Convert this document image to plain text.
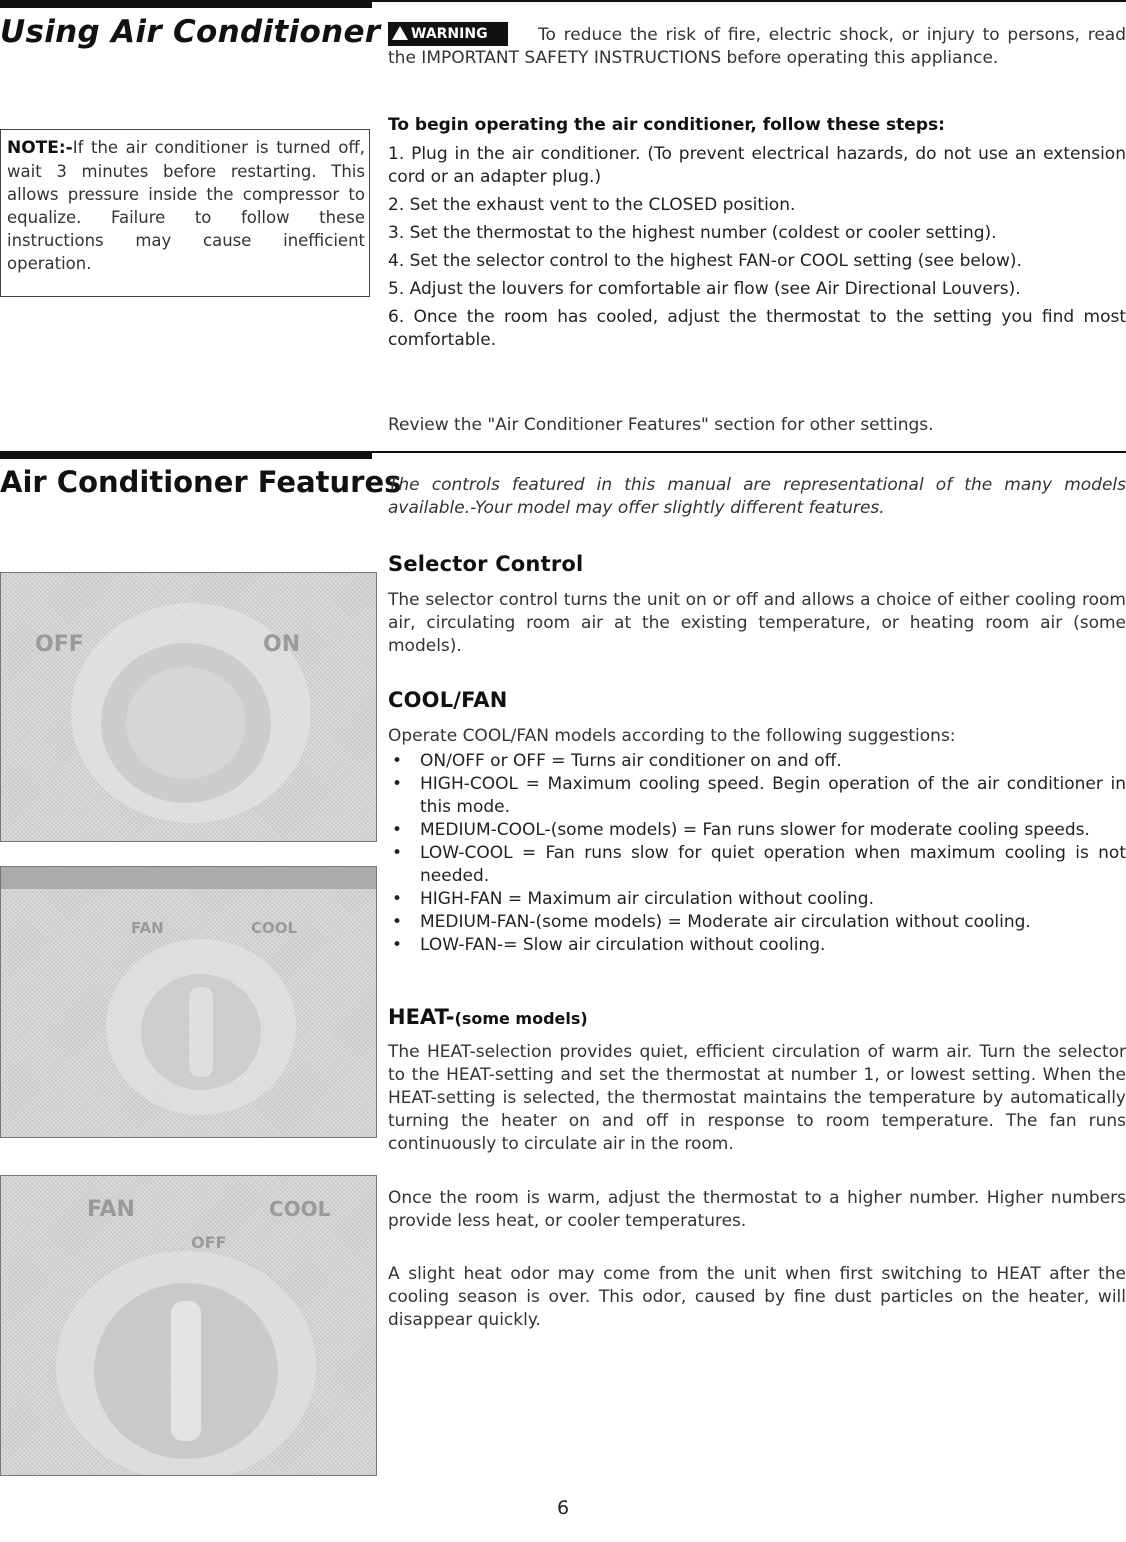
Using Air Conditioner	WARNING	To reduce the risk of fire, electric shock, or injury to persons, read the IMPORTANT SAFETY INSTRUCTIONS before operating this appliance.
NOTE:-If the air conditioner is turned off, wait 3 minutes before restarting. This allows pressure inside the compressor to equalize. Failure to follow these instructions may cause inefficient operation.
To begin operating the air conditioner, follow these steps:
1. Plug in the air conditioner. (To prevent electrical hazards, do not use an extension cord or an adapter plug.)
2. Set the exhaust vent to the CLOSED position.
3. Set the thermostat to the highest number (coldest or cooler setting).
4. Set the selector control to the highest FAN-or COOL setting (see below).
5. Adjust the louvers for comfortable air flow (see Air Directional Louvers).
6. Once the room has cooled, adjust the thermostat to the setting you find most comfortable.
Review the "Air Conditioner Features" section for other settings.
Air Conditioner Features
The controls featured in this manual are representational of the many models available.-Your model may offer slightly different features.
Selector Control
The selector control turns the unit on or off and allows a choice of either cooling room air, circulating room air at the existing temperature, or heating room air (some models).
COOL/FAN
Operate COOL/FAN models according to the following suggestions:
• ON/OFF or OFF = Turns air conditioner on and off.
• HIGH-COOL = Maximum cooling speed. Begin operation of the air conditioner in this mode.
• MEDIUM-COOL-(some models) = Fan runs slower for moderate cooling speeds.
• LOW-COOL = Fan runs slow for quiet operation when maximum cooling is not needed.
• HIGH-FAN = Maximum air circulation without cooling.
• MEDIUM-FAN-(some models) = Moderate air circulation without cooling.
• LOW-FAN-= Slow air circulation without cooling.
HEAT-(some models)
The HEAT-selection provides quiet, efficient circulation of warm air. Turn the selector to the HEAT-setting and set the thermostat at number 1, or lowest setting. When the HEAT-setting is selected, the thermostat maintains the temperature by automatically turning the heater on and off in response to room temperature. The fan runs continuously to circulate air in the room.
Once the room is warm, adjust the thermostat to a higher number. Higher numbers provide less heat, or cooler temperatures.
A slight heat odor may come from the unit when first switching to HEAT after the cooling season is over. This odor, caused by fine dust particles on the heater, will disappear quickly.
OFF	ON
FAN	COOL
FAN	COOL
OFF
6
